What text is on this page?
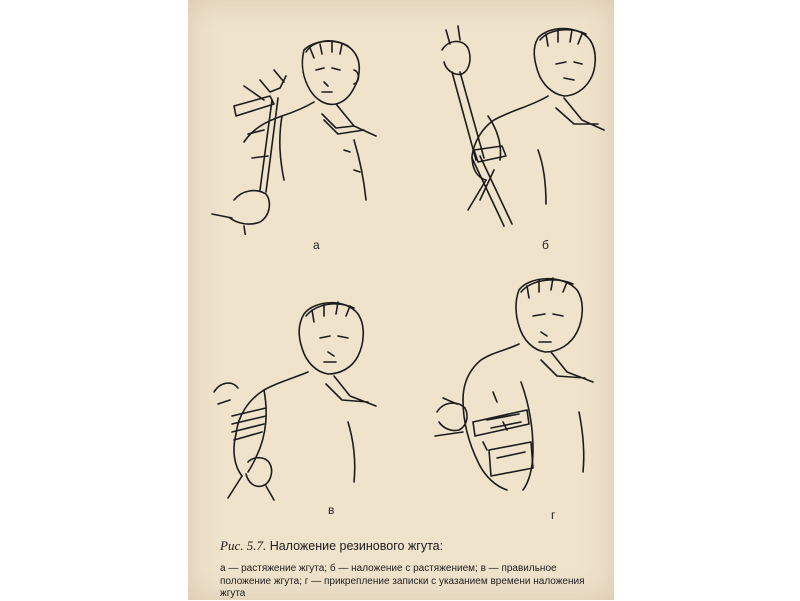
а	б
в	г

Рис. 5.7. Наложение резинового жгута:

а — растяжение жгута; б — наложение с растяжением; в — правильное положение жгута; г — прикрепление записки с указанием времени наложения жгута
